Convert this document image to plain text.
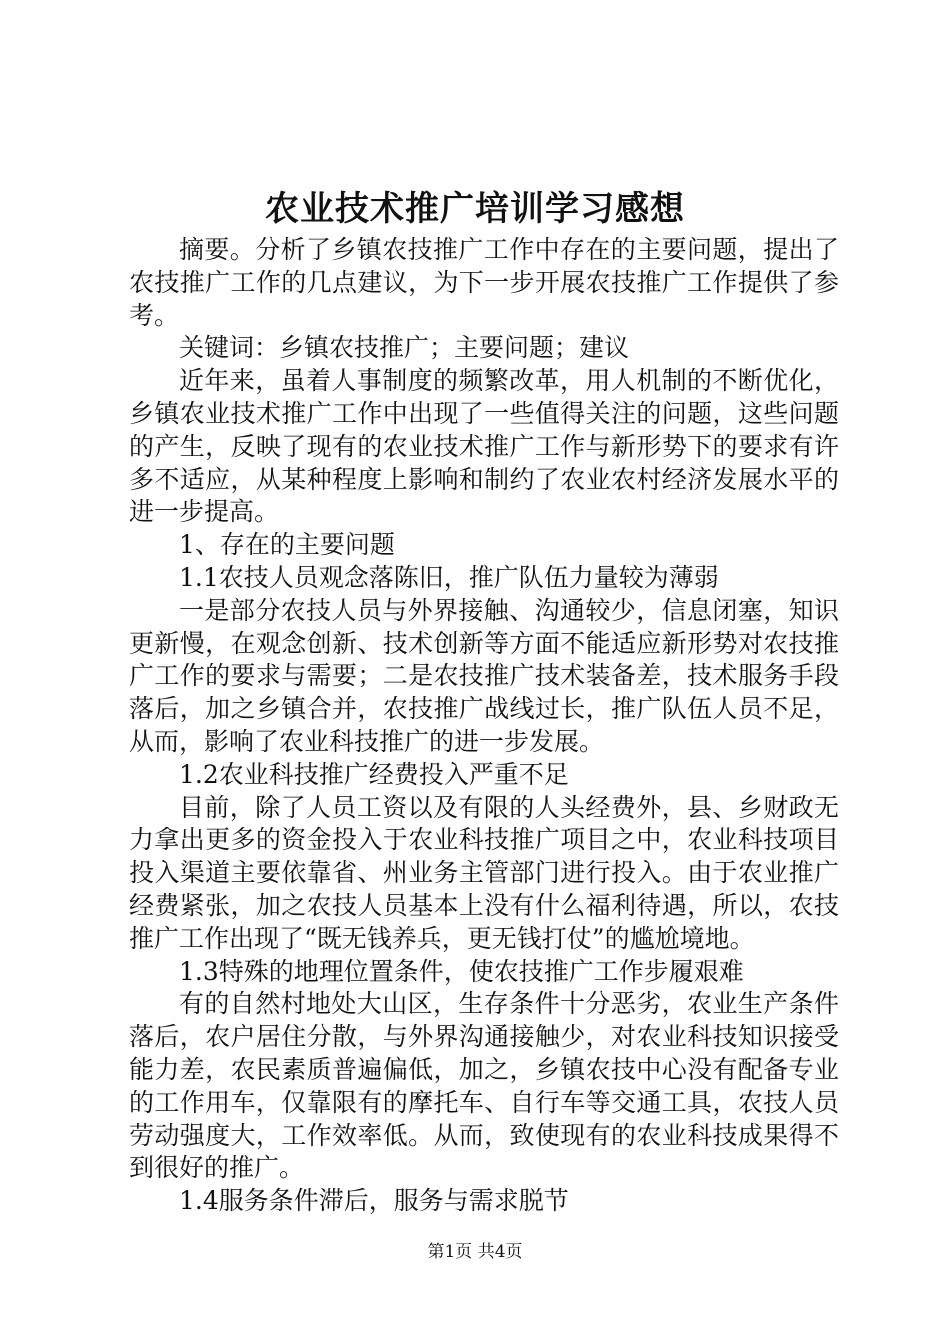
农业技术推广培训学习感想

摘要。分析了乡镇农技推广工作中存在的主要问题，提出了农技推广工作的几点建议，为下一步开展农技推广工作提供了参考。

关键词：乡镇农技推广；主要问题；建议

近年来，虽着人事制度的频繁改革，用人机制的不断优化，乡镇农业技术推广工作中出现了一些值得关注的问题，这些问题的产生，反映了现有的农业技术推广工作与新形势下的要求有许多不适应，从某种程度上影响和制约了农业农村经济发展水平的进一步提高。

1、存在的主要问题

1.1农技人员观念落陈旧，推广队伍力量较为薄弱

一是部分农技人员与外界接触、沟通较少，信息闭塞，知识更新慢，在观念创新、技术创新等方面不能适应新形势对农技推广工作的要求与需要；二是农技推广技术装备差，技术服务手段落后，加之乡镇合并，农技推广战线过长，推广队伍人员不足，从而，影响了农业科技推广的进一步发展。

1.2农业科技推广经费投入严重不足

目前，除了人员工资以及有限的人头经费外，县、乡财政无力拿出更多的资金投入于农业科技推广项目之中，农业科技项目投入渠道主要依靠省、州业务主管部门进行投入。由于农业推广经费紧张，加之农技人员基本上没有什么福利待遇，所以，农技推广工作出现了“既无钱养兵，更无钱打仗”的尴尬境地。

1.3特殊的地理位置条件，使农技推广工作步履艰难

有的自然村地处大山区，生存条件十分恶劣，农业生产条件落后，农户居住分散，与外界沟通接触少，对农业科技知识接受能力差，农民素质普遍偏低，加之，乡镇农技中心没有配备专业的工作用车，仅靠限有的摩托车、自行车等交通工具，农技人员劳动强度大，工作效率低。从而，致使现有的农业科技成果得不到很好的推广。

1.4服务条件滞后，服务与需求脱节

第1页 共4页
